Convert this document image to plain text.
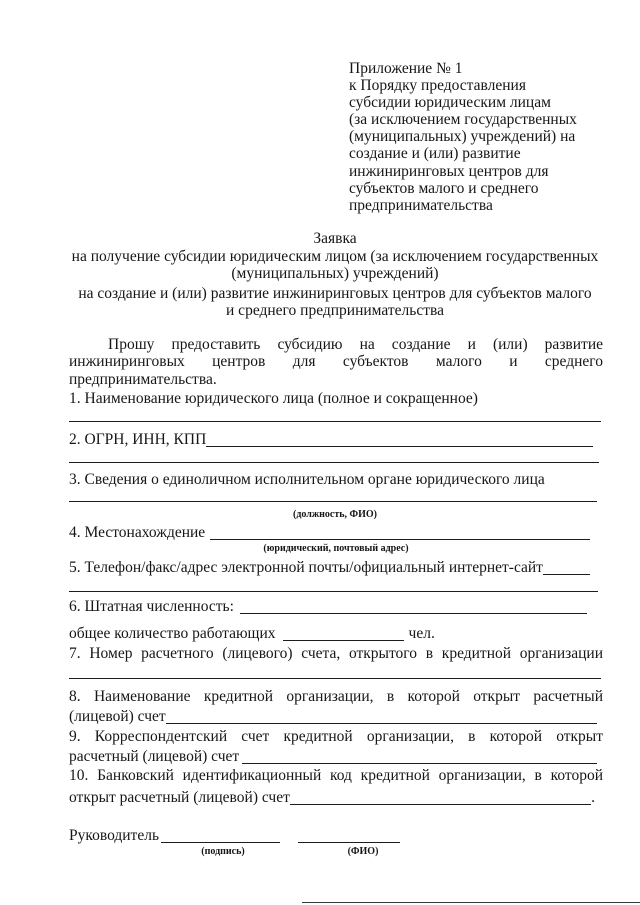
Приложение № 1
к Порядку предоставления
субсидии юридическим лицам
(за исключением государственных
(муниципальных) учреждений) на
создание и (или) развитие
инжиниринговых центров для
субъектов малого и среднего
предпринимательства
Заявка
на получение субсидии юридическим лицом (за исключением государственных
(муниципальных) учреждений)
на создание и (или) развитие инжиниринговых центров для субъектов малого
и среднего предпринимательства
Прошу предоставить субсидию на создание и (или) развитие
инжиниринговых центров для субъектов малого и среднего
предпринимательства.
1. Наименование юридического лица (полное и сокращенное)
2. ОГРН, ИНН, КПП
3. Сведения о единоличном исполнительном органе юридического лица
(должность, ФИО)
4. Местонахождение
(юридический, почтовый адрес)
5. Телефон/факс/адрес электронной почты/официальный интернет-сайт
6. Штатная численность:
общее количество работающих	чел.
7. Номер расчетного (лицевого) счета, открытого в кредитной организации
8. Наименование кредитной организации, в которой открыт расчетный
(лицевой) счет
9. Корреспондентский счет кредитной организации, в которой открыт
расчетный (лицевой) счет
10. Банковский идентификационный код кредитной организации, в которой
открыт расчетный (лицевой) счет	.
Руководитель
(подпись)	(ФИО)
